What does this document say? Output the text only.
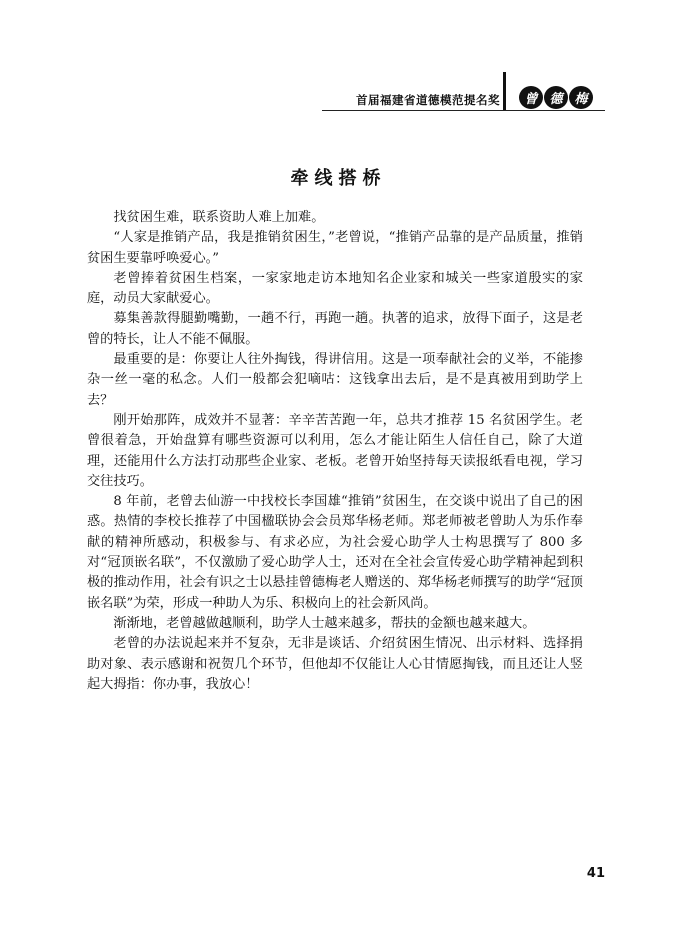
首届福建省道德模范提名奖	曾 德 梅
牵线搭桥

找贫困生难，联系资助人难上加难。

“人家是推销产品，我是推销贫困生，”老曾说，“推销产品靠的是产品质量，推销贫困生要靠呼唤爱心。”

老曾捧着贫困生档案，一家家地走访本地知名企业家和城关一些家道殷实的家庭，动员大家献爱心。

募集善款得腿勤嘴勤，一趟不行，再跑一趟。执著的追求，放得下面子，这是老曾的特长，让人不能不佩服。

最重要的是：你要让人往外掏钱，得讲信用。这是一项奉献社会的义举，不能掺杂一丝一毫的私念。人们一般都会犯嘀咕：这钱拿出去后，是不是真被用到助学上去？

刚开始那阵，成效并不显著：辛辛苦苦跑一年，总共才推荐 15 名贫困学生。老曾很着急，开始盘算有哪些资源可以利用，怎么才能让陌生人信任自己，除了大道理，还能用什么方法打动那些企业家、老板。老曾开始坚持每天读报纸看电视，学习交往技巧。

8 年前，老曾去仙游一中找校长李国雄“推销”贫困生，在交谈中说出了自己的困惑。热情的李校长推荐了中国楹联协会会员郑华杨老师。郑老师被老曾助人为乐作奉献的精神所感动，积极参与、有求必应，为社会爱心助学人士构思撰写了 800 多对“冠顶嵌名联”，不仅激励了爱心助学人士，还对在全社会宣传爱心助学精神起到积极的推动作用，社会有识之士以悬挂曾德梅老人赠送的、郑华杨老师撰写的助学“冠顶嵌名联”为荣，形成一种助人为乐、积极向上的社会新风尚。

渐渐地，老曾越做越顺利，助学人士越来越多，帮扶的金额也越来越大。

老曾的办法说起来并不复杂，无非是谈话、介绍贫困生情况、出示材料、选择捐助对象、表示感谢和祝贺几个环节，但他却不仅能让人心甘情愿掏钱，而且还让人竖起大拇指：你办事，我放心！

41
